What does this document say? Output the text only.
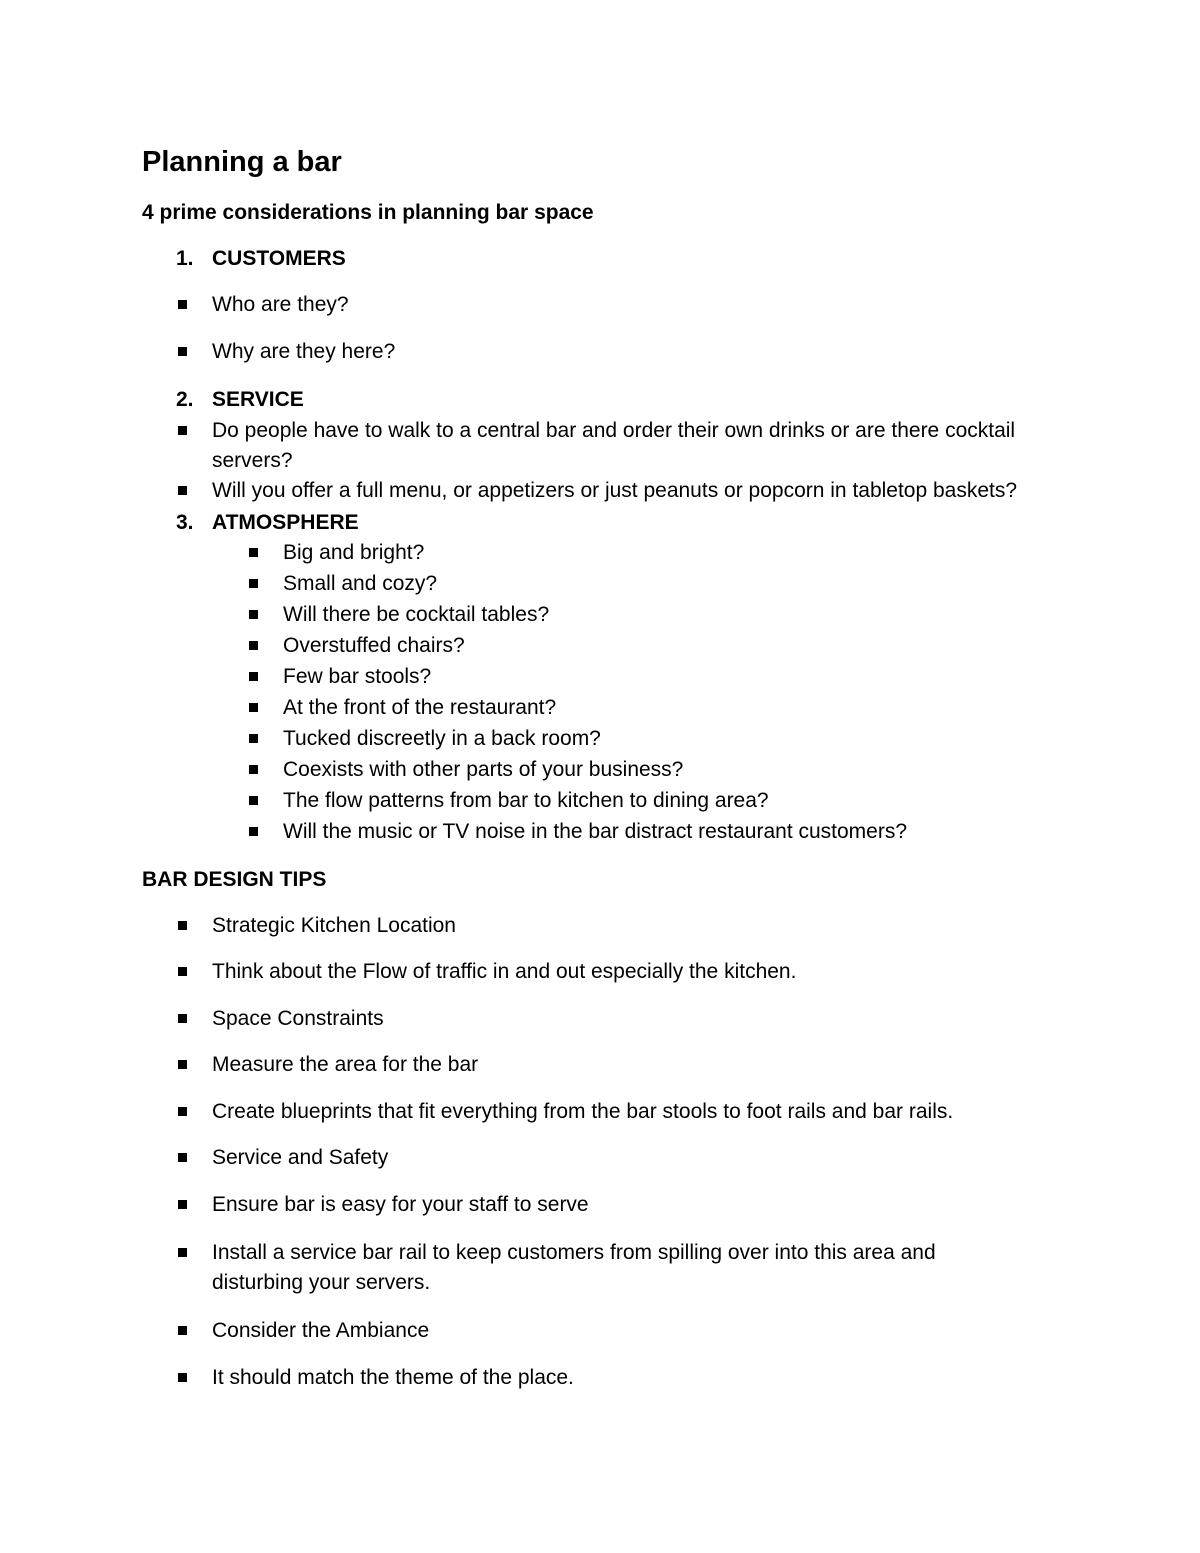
Planning a bar
4 prime considerations in planning bar space
1. CUSTOMERS
Who are they?
Why are they here?
2. SERVICE
Do people have to walk to a central bar and order their own drinks or are there cocktail servers?
Will you offer a full menu, or appetizers or just peanuts or popcorn in tabletop baskets?
3. ATMOSPHERE
Big and bright?
Small and cozy?
Will there be cocktail tables?
Overstuffed chairs?
Few bar stools?
At the front of the restaurant?
Tucked discreetly in a back room?
Coexists with other parts of your business?
The flow patterns from bar to kitchen to dining area?
Will the music or TV noise in the bar distract restaurant customers?
BAR DESIGN TIPS
Strategic Kitchen Location
Think about the Flow of traffic in and out especially the kitchen.
Space Constraints
Measure the area for the bar
Create blueprints that fit everything from the bar stools to foot rails and bar rails.
Service and Safety
Ensure bar is easy for your staff to serve
Install a service bar rail to keep customers from spilling over into this area and disturbing your servers.
Consider the Ambiance
It should match the theme of the place.
